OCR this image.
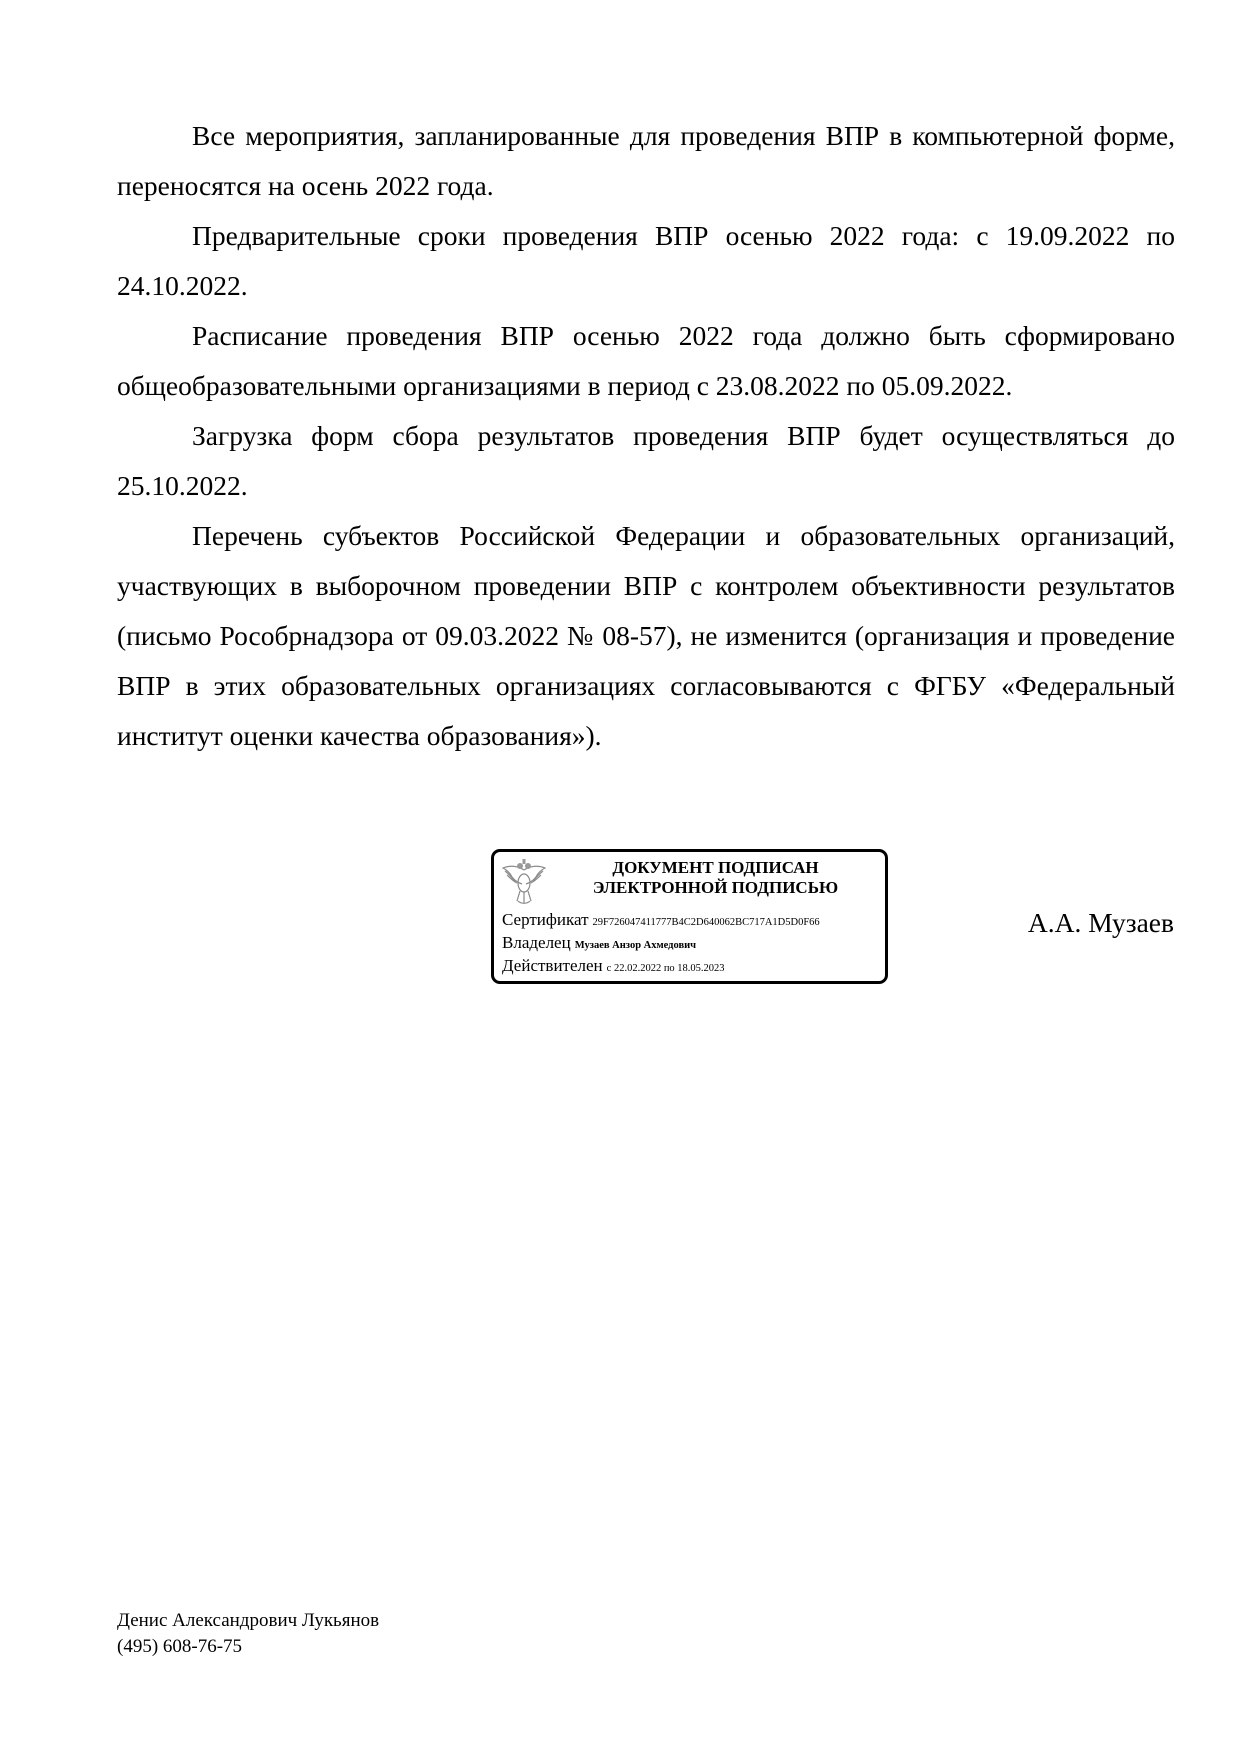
Все мероприятия, запланированные для проведения ВПР в компьютерной форме, переносятся на осень 2022 года.

Предварительные сроки проведения ВПР осенью 2022 года: с 19.09.2022 по 24.10.2022.

Расписание проведения ВПР осенью 2022 года должно быть сформировано общеобразовательными организациями в период с 23.08.2022 по 05.09.2022.

Загрузка форм сбора результатов проведения ВПР будет осуществляться до 25.10.2022.

Перечень субъектов Российской Федерации и образовательных организаций, участвующих в выборочном проведении ВПР с контролем объективности результатов (письмо Рособрнадзора от 09.03.2022 № 08-57), не изменится (организация и проведение ВПР в этих образовательных организациях согласовываются с ФГБУ «Федеральный институт оценки качества образования»).

ДОКУМЕНТ ПОДПИСАН
ЭЛЕКТРОННОЙ ПОДПИСЬЮ
Сертификат 29F726047411777B4C2D640062BC717A1D5D0F66
Владелец Музаев Анзор Ахмедович
Действителен с 22.02.2022 по 18.05.2023
А.А. Музаев
Денис Александрович Лукьянов
(495) 608-76-75
